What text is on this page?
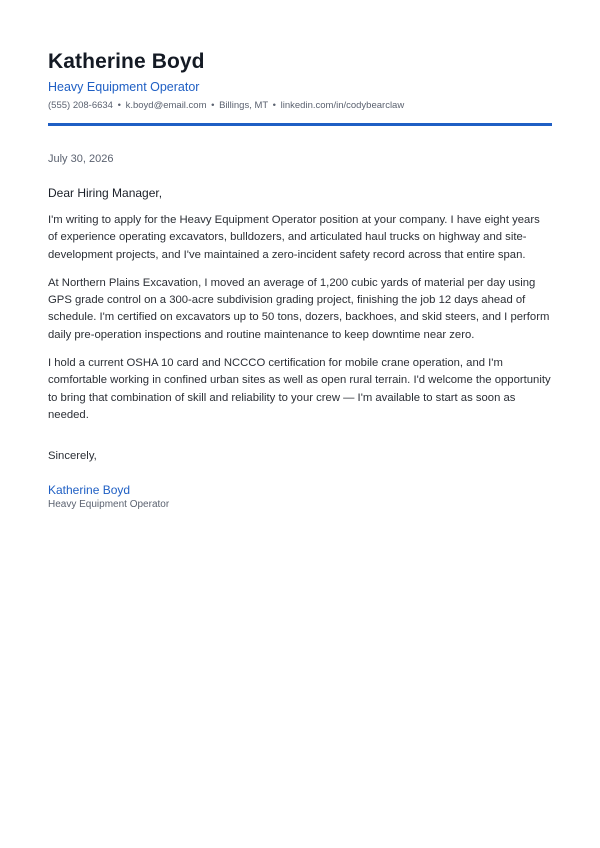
Katherine Boyd
Heavy Equipment Operator
(555) 208-6634 • k.boyd@email.com • Billings, MT • linkedin.com/in/codybearclaw
July 30, 2026
Dear Hiring Manager,

I'm writing to apply for the Heavy Equipment Operator position at your company. I have eight years of experience operating excavators, bulldozers, and articulated haul trucks on highway and site-development projects, and I've maintained a zero-incident safety record across that entire span.

At Northern Plains Excavation, I moved an average of 1,200 cubic yards of material per day using GPS grade control on a 300-acre subdivision grading project, finishing the job 12 days ahead of schedule. I'm certified on excavators up to 50 tons, dozers, backhoes, and skid steers, and I perform daily pre-operation inspections and routine maintenance to keep downtime near zero.

I hold a current OSHA 10 card and NCCCO certification for mobile crane operation, and I'm comfortable working in confined urban sites as well as open rural terrain. I'd welcome the opportunity to bring that combination of skill and reliability to your crew — I'm available to start as soon as needed.

Sincerely,
Katherine Boyd
Heavy Equipment Operator
